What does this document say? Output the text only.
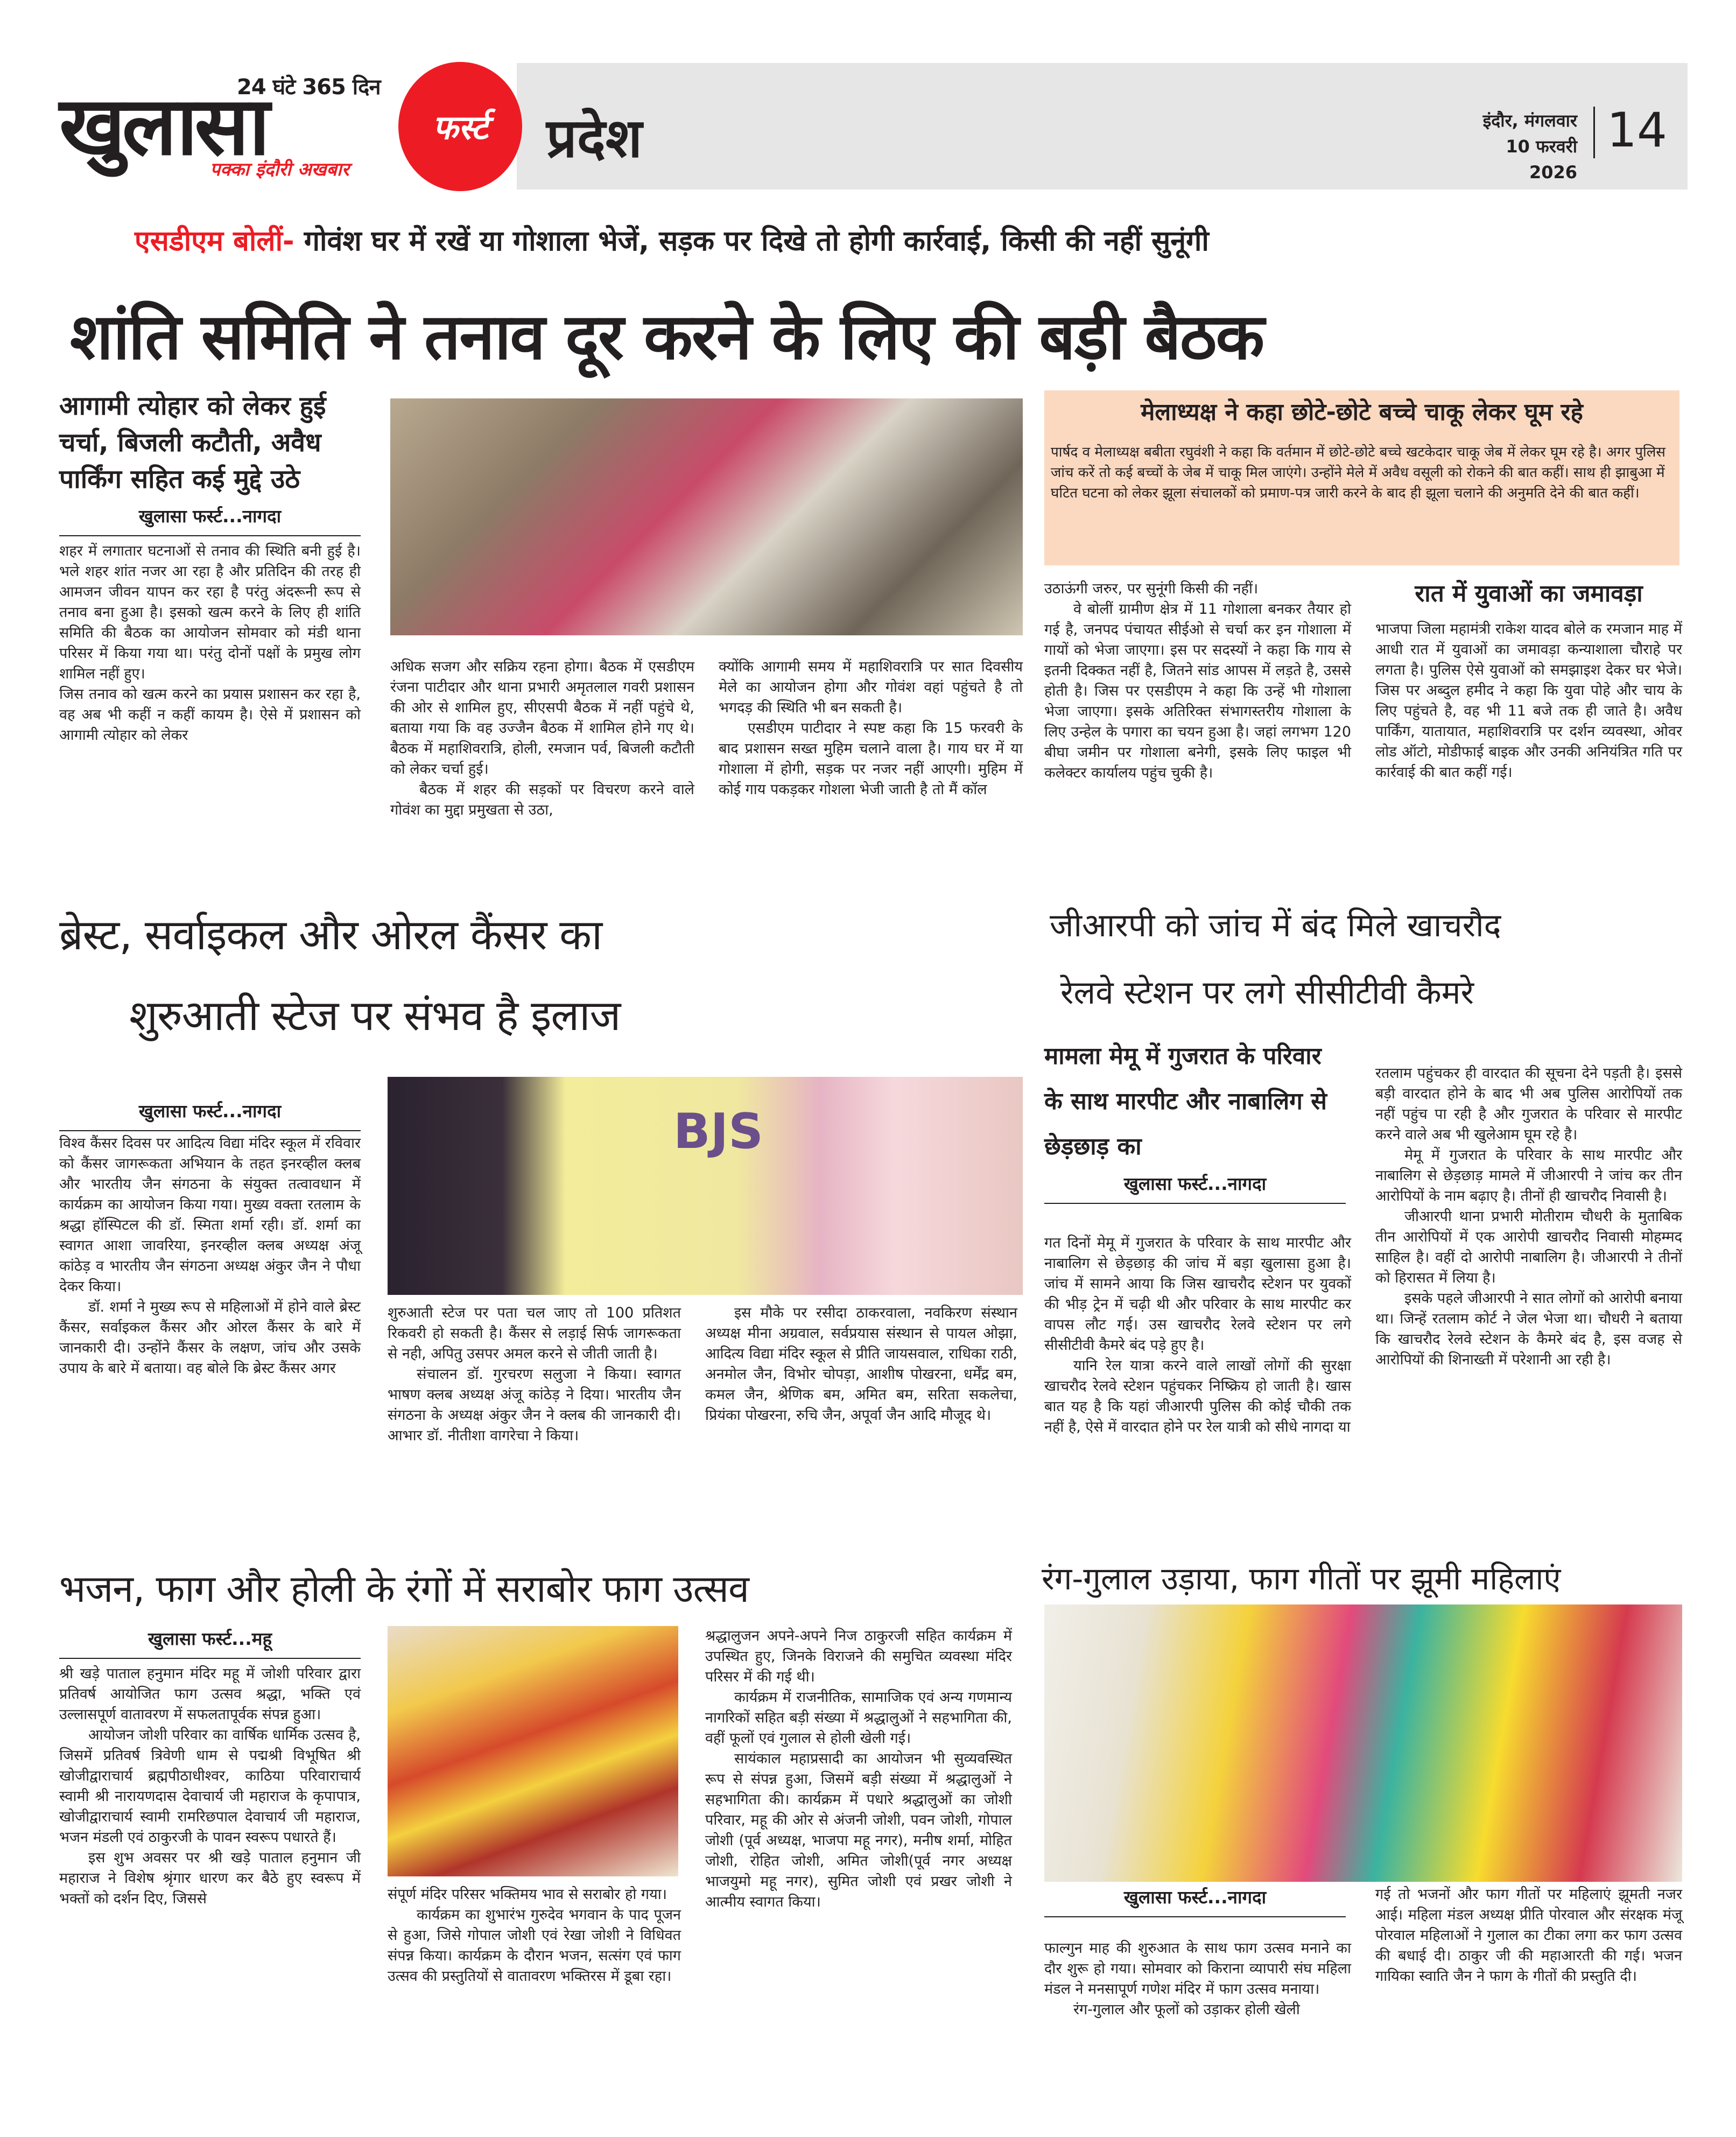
24 घंटे 365 दिन
खुलासा
पक्का इंदौरी अखबार
फर्स्ट प्रदेश	इंदौर, मंगलवार
10 फरवरी 2026
14
एसडीएम बोलीं- गोवंश घर में रखें या गोशाला भेजें, सड़क पर दिखे तो होगी कार्रवाई, किसी की नहीं सुनूंगी
शांति समिति ने तनाव दूर करने के लिए की बड़ी बैठक
आगामी त्योहार को लेकर हुई चर्चा, बिजली कटौती, अवैध पार्किंग सहित कई मुद्दे उठे
खुलासा फर्स्ट...नागदा

शहर में लगातार घटनाओं से तनाव की स्थिति बनी हुई है। भले शहर शांत नजर आ रहा है और प्रतिदिन की तरह ही आमजन जीवन यापन कर रहा है परंतु अंदरूनी रूप से तनाव बना हुआ है। इसको खत्म करने के लिए ही शांति समिति की बैठक का आयोजन सोमवार को मंडी थाना परिसर में किया गया था। परंतु दोनों पक्षों के प्रमुख लोग शामिल नहीं हुए।

जिस तनाव को खत्म करने का प्रयास प्रशासन कर रहा है, वह अब भी कहीं न कहीं कायम है। ऐसे में प्रशासन को आगामी त्योहार को लेकर

अधिक सजग और सक्रिय रहना होगा। बैठक में एसडीएम रंजना पाटीदार और थाना प्रभारी अमृतलाल गवरी प्रशासन की ओर से शामिल हुए, सीएसपी बैठक में नहीं पहुंचे थे, बताया गया कि वह उज्जैन बैठक में शामिल होने गए थे। बैठक में महाशिवरात्रि, होली, रमजान पर्व, बिजली कटौती को लेकर चर्चा हुई।

बैठक में शहर की सड़कों पर विचरण करने वाले गोवंश का मुद्दा प्रमुखता से उठा,

क्योंकि आगामी समय में महाशिवरात्रि पर सात दिवसीय मेले का आयोजन होगा और गोवंश वहां पहुंचते है तो भगदड़ की स्थिति भी बन सकती है।

एसडीएम पाटीदार ने स्पष्ट कहा कि 15 फरवरी के बाद प्रशासन सख्त मुहिम चलाने वाला है। गाय घर में या गोशाला में होगी, सड़क पर नजर नहीं आएगी। मुहिम में कोई गाय पकड़कर गोशला भेजी जाती है तो मैं कॉल

मेलाध्यक्ष ने कहा छोटे-छोटे बच्चे चाकू लेकर घूम रहे
पार्षद व मेलाध्यक्ष बबीता रघुवंशी ने कहा कि वर्तमान में छोटे-छोटे बच्चे खटकेदार चाकू जेब में लेकर घूम रहे है। अगर पुलिस जांच करें तो कई बच्चों के जेब में चाकू मिल जाएंगे। उन्होंने मेले में अवैध वसूली को रोकने की बात कहीं। साथ ही झाबुआ में घटित घटना को लेकर झूला संचालकों को प्रमाण-पत्र जारी करने के बाद ही झूला चलाने की अनुमति देने की बात कहीं।

उठाऊंगी जरुर, पर सुनूंगी किसी की नहीं।

वे बोलीं ग्रामीण क्षेत्र में 11 गोशाला बनकर तैयार हो गई है, जनपद पंचायत सीईओ से चर्चा कर इन गोशाला में गायों को भेजा जाएगा। इस पर सदस्यों ने कहा कि गाय से इतनी दिक्कत नहीं है, जितने सांड आपस में लड़ते है, उससे होती है। जिस पर एसडीएम ने कहा कि उन्हें भी गोशाला भेजा जाएगा। इसके अतिरिक्त संभागस्तरीय गोशाला के लिए उन्हेल के पगारा का चयन हुआ है। जहां लगभग 120 बीघा जमीन पर गोशाला बनेगी, इसके लिए फाइल भी कलेक्टर कार्यालय पहुंच चुकी है।

रात में युवाओं का जमावड़ा
भाजपा जिला महामंत्री राकेश यादव बोले क रमजान माह में आधी रात में युवाओं का जमावड़ा कन्याशाला चौराहे पर लगता है। पुलिस ऐसे युवाओं को समझाइश देकर घर भेजे। जिस पर अब्दुल हमीद ने कहा कि युवा पोहे और चाय के लिए पहुंचते है, वह भी 11 बजे तक ही जाते है। अवैध पार्किंग, यातायात, महाशिवरात्रि पर दर्शन व्यवस्था, ओवर लोड ऑटो, मोडीफाई बाइक और उनकी अनियंत्रित गति पर कार्रवाई की बात कहीं गई।
ब्रेस्ट, सर्वाइकल और ओरल कैंसर का
शुरुआती स्टेज पर संभव है इलाज
खुलासा फर्स्ट...नागदा

विश्व कैंसर दिवस पर आदित्य विद्या मंदिर स्कूल में रविवार को कैंसर जागरूकता अभियान के तहत इनरव्हील क्लब और भारतीय जैन संगठना के संयुक्त तत्वावधान में कार्यक्रम का आयोजन किया गया। मुख्य वक्ता रतलाम के श्रद्धा हॉस्पिटल की डॉ. स्मिता शर्मा रही। डॉ. शर्मा का स्वागत आशा जावरिया, इनरव्हील क्लब अध्यक्ष अंजू कांठेड़ व भारतीय जैन संगठना अध्यक्ष अंकुर जैन ने पौधा देकर किया।

डॉ. शर्मा ने मुख्य रूप से महिलाओं में होने वाले ब्रेस्ट कैंसर, सर्वाइकल कैंसर और ओरल कैंसर के बारे में जानकारी दी। उन्होंने कैंसर के लक्षण, जांच और उसके उपाय के बारे में बताया। वह बोले कि ब्रेस्ट कैंसर अगर

BJS

शुरुआती स्टेज पर पता चल जाए तो 100 प्रतिशत रिकवरी हो सकती है। कैंसर से लड़ाई सिर्फ जागरूकता से नही, अपितु उसपर अमल करने से जीती जाती है।

संचालन डॉ. गुरचरण सलुजा ने किया। स्वागत भाषण क्लब अध्यक्ष अंजू कांठेड़ ने दिया। भारतीय जैन संगठना के अध्यक्ष अंकुर जैन ने क्लब की जानकारी दी। आभार डॉ. नीतीशा वागरेचा ने किया।

इस मौके पर रसीदा ठाकरवाला, नवकिरण संस्थान अध्यक्ष मीना अग्रवाल, सर्वप्रयास संस्थान से पायल ओझा, आदित्य विद्या मंदिर स्कूल से प्रीति जायसवाल, राधिका राठी, अनमोल जैन, विभोर चोपड़ा, आशीष पोखरना, धर्मेंद्र बम, कमल जैन, श्रेणिक बम, अमित बम, सरिता सकलेचा, प्रियंका पोखरना, रुचि जैन, अपूर्वा जैन आदि मौजूद थे।

जीआरपी को जांच में बंद मिले खाचरौद
रेलवे स्टेशन पर लगे सीसीटीवी कैमरे
मामला मेमू में गुजरात के परिवार के साथ मारपीट और नाबालिग से छेड़छाड़ का
खुलासा फर्स्ट...नागदा

गत दिनों मेमू में गुजरात के परिवार के साथ मारपीट और नाबालिग से छेड़छाड़ की जांच में बड़ा खुलासा हुआ है। जांच में सामने आया कि जिस खाचरौद स्टेशन पर युवकों की भीड़ ट्रेन में चढ़ी थी और परिवार के साथ मारपीट कर वापस लौट गई। उस खाचरौद रेलवे स्टेशन पर लगे सीसीटीवी कैमरे बंद पड़े हुए है।

यानि रेल यात्रा करने वाले लाखों लोगों की सुरक्षा खाचरौद रेलवे स्टेशन पहुंचकर निष्क्रिय हो जाती है। खास बात यह है कि यहां जीआरपी पुलिस की कोई चौकी तक नहीं है, ऐसे में वारदात होने पर रेल यात्री को सीधे नागदा या

रतलाम पहुंचकर ही वारदात की सूचना देने पड़ती है। इससे बड़ी वारदात होने के बाद भी अब पुलिस आरोपियों तक नहीं पहुंच पा रही है और गुजरात के परिवार से मारपीट करने वाले अब भी खुलेआम घूम रहे है।

मेमू में गुजरात के परिवार के साथ मारपीट और नाबालिग से छेड़छाड़ मामले में जीआरपी ने जांच कर तीन आरोपियों के नाम बढ़ाए है। तीनों ही खाचरौद निवासी है।

जीआरपी थाना प्रभारी मोतीराम चौधरी के मुताबिक तीन आरोपियों में एक आरोपी खाचरौद निवासी मोहम्मद साहिल है। वहीं दो आरोपी नाबालिग है। जीआरपी ने तीनों को हिरासत में लिया है।

इसके पहले जीआरपी ने सात लोगों को आरोपी बनाया था। जिन्हें रतलाम कोर्ट ने जेल भेजा था। चौधरी ने बताया कि खाचरौद रेलवे स्टेशन के कैमरे बंद है, इस वजह से आरोपियों की शिनाख्ती में परेशानी आ रही है।

भजन, फाग और होली के रंगों में सराबोर फाग उत्सव
खुलासा फर्स्ट...महू

श्री खड़े पाताल हनुमान मंदिर महू में जोशी परिवार द्वारा प्रतिवर्ष आयोजित फाग उत्सव श्रद्धा, भक्ति एवं उल्लासपूर्ण वातावरण में सफलतापूर्वक संपन्न हुआ।

आयोजन जोशी परिवार का वार्षिक धार्मिक उत्सव है, जिसमें प्रतिवर्ष त्रिवेणी धाम से पद्मश्री विभूषित श्री खोजीद्वाराचार्य ब्रह्मपीठाधीश्वर, काठिया परिवाराचार्य स्वामी श्री नारायणदास देवाचार्य जी महाराज के कृपापात्र, खोजीद्वाराचार्य स्वामी रामरिछपाल देवाचार्य जी महाराज, भजन मंडली एवं ठाकुरजी के पावन स्वरूप पधारते हैं।

इस शुभ अवसर पर श्री खड़े पाताल हनुमान जी महाराज ने विशेष श्रृंगार धारण कर बैठे हुए स्वरूप में भक्तों को दर्शन दिए, जिससे	संपूर्ण मंदिर परिसर भक्तिमय भाव से सराबोर हो गया।

कार्यक्रम का शुभारंभ गुरुदेव भगवान के पाद पूजन से हुआ, जिसे गोपाल जोशी एवं रेखा जोशी ने विधिवत संपन्न किया। कार्यक्रम के दौरान भजन, सत्संग एवं फाग उत्सव की प्रस्तुतियों से वातावरण भक्तिरस में डूबा रहा।

श्रद्धालुजन अपने-अपने निज ठाकुरजी सहित कार्यक्रम में उपस्थित हुए, जिनके विराजने की समुचित व्यवस्था मंदिर परिसर में की गई थी।

कार्यक्रम में राजनीतिक, सामाजिक एवं अन्य गणमान्य नागरिकों सहित बड़ी संख्या में श्रद्धालुओं ने सहभागिता की, वहीं फूलों एवं गुलाल से होली खेली गई।

सायंकाल महाप्रसादी का आयोजन भी सुव्यवस्थित रूप से संपन्न हुआ, जिसमें बड़ी संख्या में श्रद्धालुओं ने सहभागिता की। कार्यक्रम में पधारे श्रद्धालुओं का जोशी परिवार, महू की ओर से अंजनी जोशी, पवन जोशी, गोपाल जोशी (पूर्व अध्यक्ष, भाजपा महू नगर), मनीष शर्मा, मोहित जोशी, रोहित जोशी, अमित जोशी(पूर्व नगर अध्यक्ष भाजयुमो महू नगर), सुमित जोशी एवं प्रखर जोशी ने आत्मीय स्वागत किया।

रंग-गुलाल उड़ाया, फाग गीतों पर झूमी महिलाएं
खुलासा फर्स्ट...नागदा

फाल्गुन माह की शुरुआत के साथ फाग उत्सव मनाने का दौर शुरू हो गया। सोमवार को किराना व्यापारी संघ महिला मंडल ने मनसापूर्ण गणेश मंदिर में फाग उत्सव मनाया।

रंग-गुलाल और फूलों को उड़ाकर होली खेली

गई तो भजनों और फाग गीतों पर महिलाएं झूमती नजर आई। महिला मंडल अध्यक्ष प्रीति पोरवाल और संरक्षक मंजू पोरवाल महिलाओं ने गुलाल का टीका लगा कर फाग उत्सव की बधाई दी। ठाकुर जी की महाआरती की गई। भजन गायिका स्वाति जैन ने फाग के गीतों की प्रस्तुति दी।
